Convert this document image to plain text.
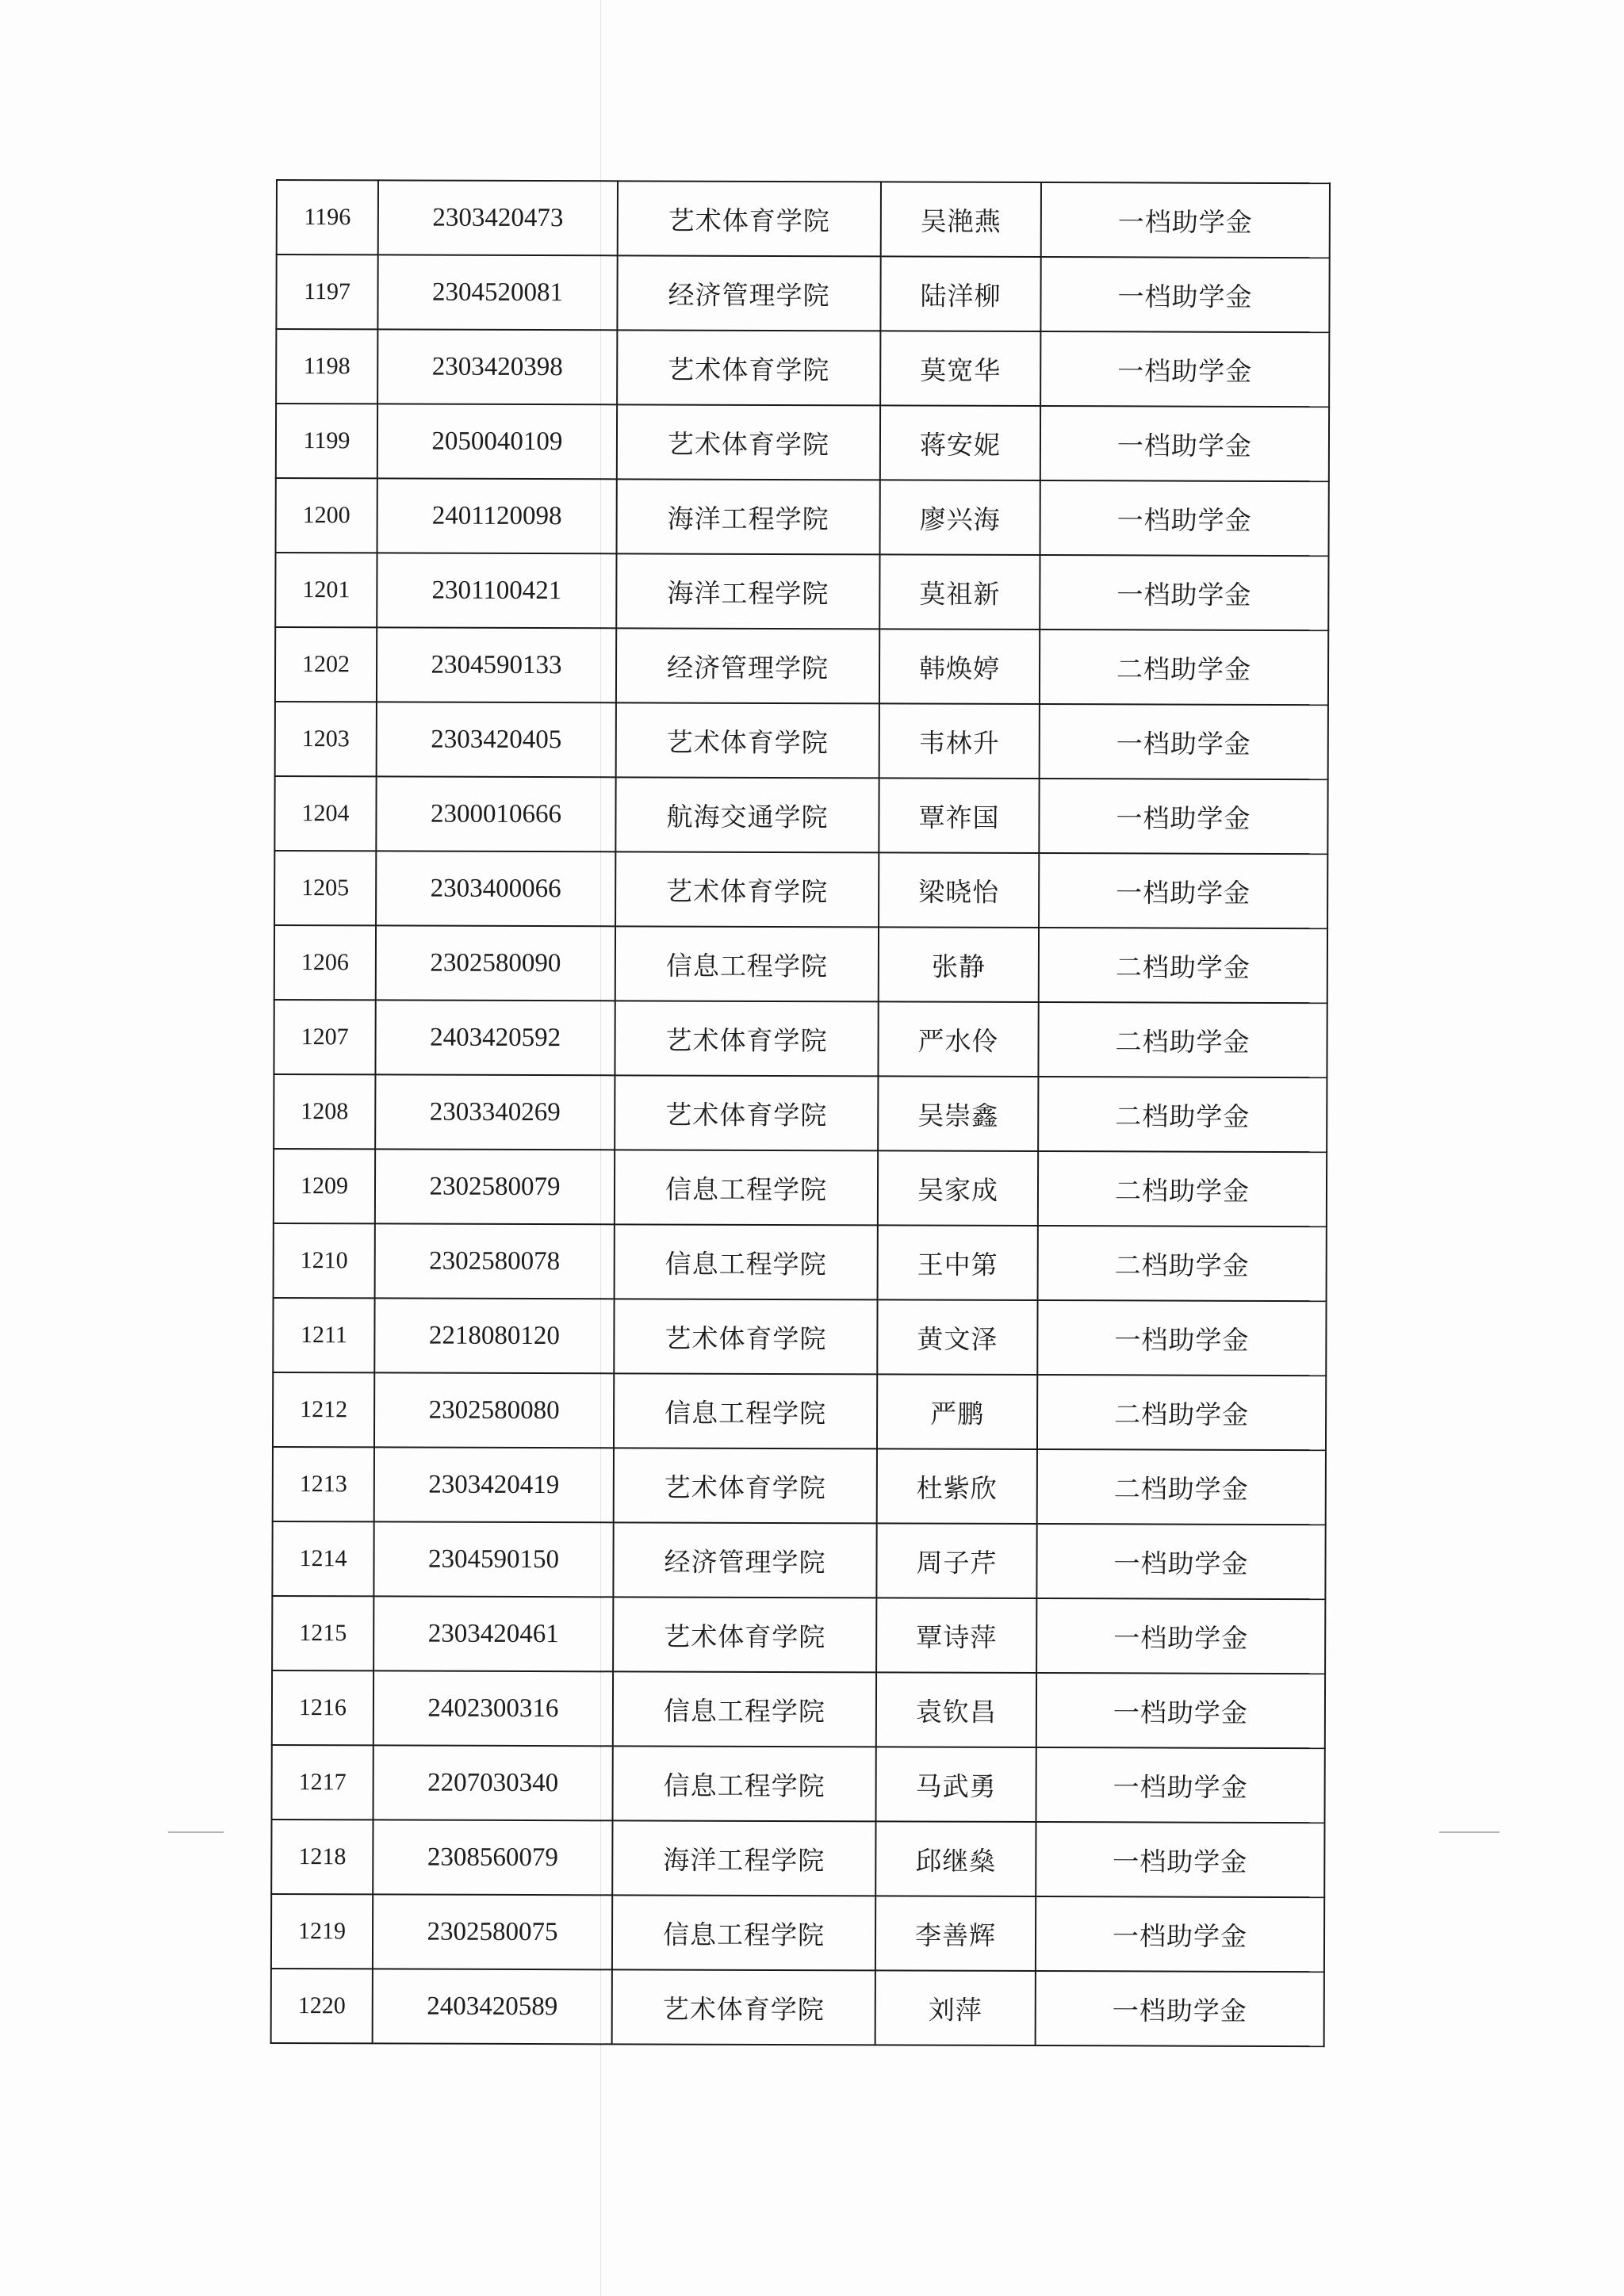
1196	2303420473	艺术体育学院	吴滟燕	一档助学金
1197	2304520081	经济管理学院	陆洋柳	一档助学金
1198	2303420398	艺术体育学院	莫宽华	一档助学金
1199	2050040109	艺术体育学院	蒋安妮	一档助学金
1200	2401120098	海洋工程学院	廖兴海	一档助学金
1201	2301100421	海洋工程学院	莫祖新	一档助学金
1202	2304590133	经济管理学院	韩焕婷	二档助学金
1203	2303420405	艺术体育学院	韦林升	一档助学金
1204	2300010666	航海交通学院	覃祚国	一档助学金
1205	2303400066	艺术体育学院	梁晓怡	一档助学金
1206	2302580090	信息工程学院	张静	二档助学金
1207	2403420592	艺术体育学院	严水伶	二档助学金
1208	2303340269	艺术体育学院	吴崇鑫	二档助学金
1209	2302580079	信息工程学院	吴家成	二档助学金
1210	2302580078	信息工程学院	王中第	二档助学金
1211	2218080120	艺术体育学院	黄文泽	一档助学金
1212	2302580080	信息工程学院	严鹏	二档助学金
1213	2303420419	艺术体育学院	杜紫欣	二档助学金
1214	2304590150	经济管理学院	周子芹	一档助学金
1215	2303420461	艺术体育学院	覃诗萍	一档助学金
1216	2402300316	信息工程学院	袁钦昌	一档助学金
1217	2207030340	信息工程学院	马武勇	一档助学金
1218	2308560079	海洋工程学院	邱继燊	一档助学金
1219	2302580075	信息工程学院	李善辉	一档助学金
1220	2403420589	艺术体育学院	刘萍	一档助学金
